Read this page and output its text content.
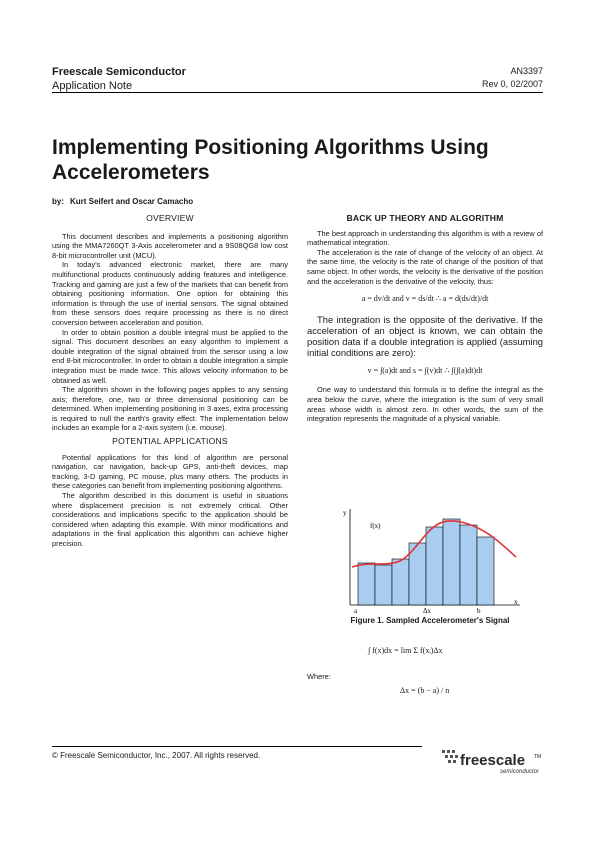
Freescale Semiconductor
Application Note
AN3397
Rev 0, 02/2007
Implementing Positioning Algorithms Using Accelerometers
by: Kurt Seifert and Oscar Camacho
OVERVIEW

This document describes and implements a positioning algorithm using the MMA7260QT 3-Axis accelerometer and a 9S08QG8 low cost 8-bit microcontroller unit (MCU).

In today's advanced electronic market, there are many multifunctional products continuously adding features and intelligence. Tracking and gaming are just a few of the markets that can benefit from obtaining positioning information. One option for obtaining this information is through the use of inertial sensors. The signal obtained from these sensors does require processing as there is no direct conversion between acceleration and position.

In order to obtain position a double integral must be applied to the signal. This document describes an easy algorithm to implement a double integration of the signal obtained from the sensor using a low end 8-bit microcontroller. In order to obtain a double integration a simple integration must be made twice. This allows velocity information to be obtained as well.

The algorithm shown in the following pages applies to any sensing axis; therefore, one, two or three dimensional positioning can be determined. When implementing positioning in 3 axes, extra processing is required to null the earth's gravity effect. The implementation below includes an example for a 2-axis system (i.e. mouse).

POTENTIAL APPLICATIONS

Potential applications for this kind of algorithm are personal navigation, car navigation, back-up GPS, anti-theft devices, map tracking, 3-D gaming, PC mouse, plus many others. The products in these categories can benefit from implementing positioning algorithms.

The algorithm described in this document is useful in situations where displacement precision is not extremely critical. Other considerations and implications specific to the application should be considered when adapting this example. With minor modifications and adaptations in the final application this algorithm can achieve higher precision.

BACK UP THEORY AND ALGORITHM

The best approach in understanding this algorithm is with a review of mathematical integration.

The acceleration is the rate of change of the velocity of an object. At the same time, the velocity is the rate of change of the position of that same object. In other words, the velocity is the derivative of the position and the acceleration is the derivative of the velocity, thus:

a = dv/dt and v = ds/dt ∴ a = d(ds/dt)/dt

The integration is the opposite of the derivative. If the acceleration of an object is known, we can obtain the position data if a double integration is applied (assuming initial conditions are zero):

v = ∫(a)dt and s = ∫(v)dt ∴ ∫(∫(a)dt)dt

One way to understand this formula is to define the integral as the area below the curve, where the integration is the sum of very small areas whose width is almost zero. In other words, the sum of the integration represents the magnitude of a physical variable.

f(x)
a	Δx	b
x
y
Figure 1. Sampled Accelerometer's Signal
∫ f(x)dx = lim Σ f(xᵢ)Δx
Where:
Δx = (b − a) / n
© Freescale Semiconductor, Inc., 2007. All rights reserved.	freescale TM
semiconductor
